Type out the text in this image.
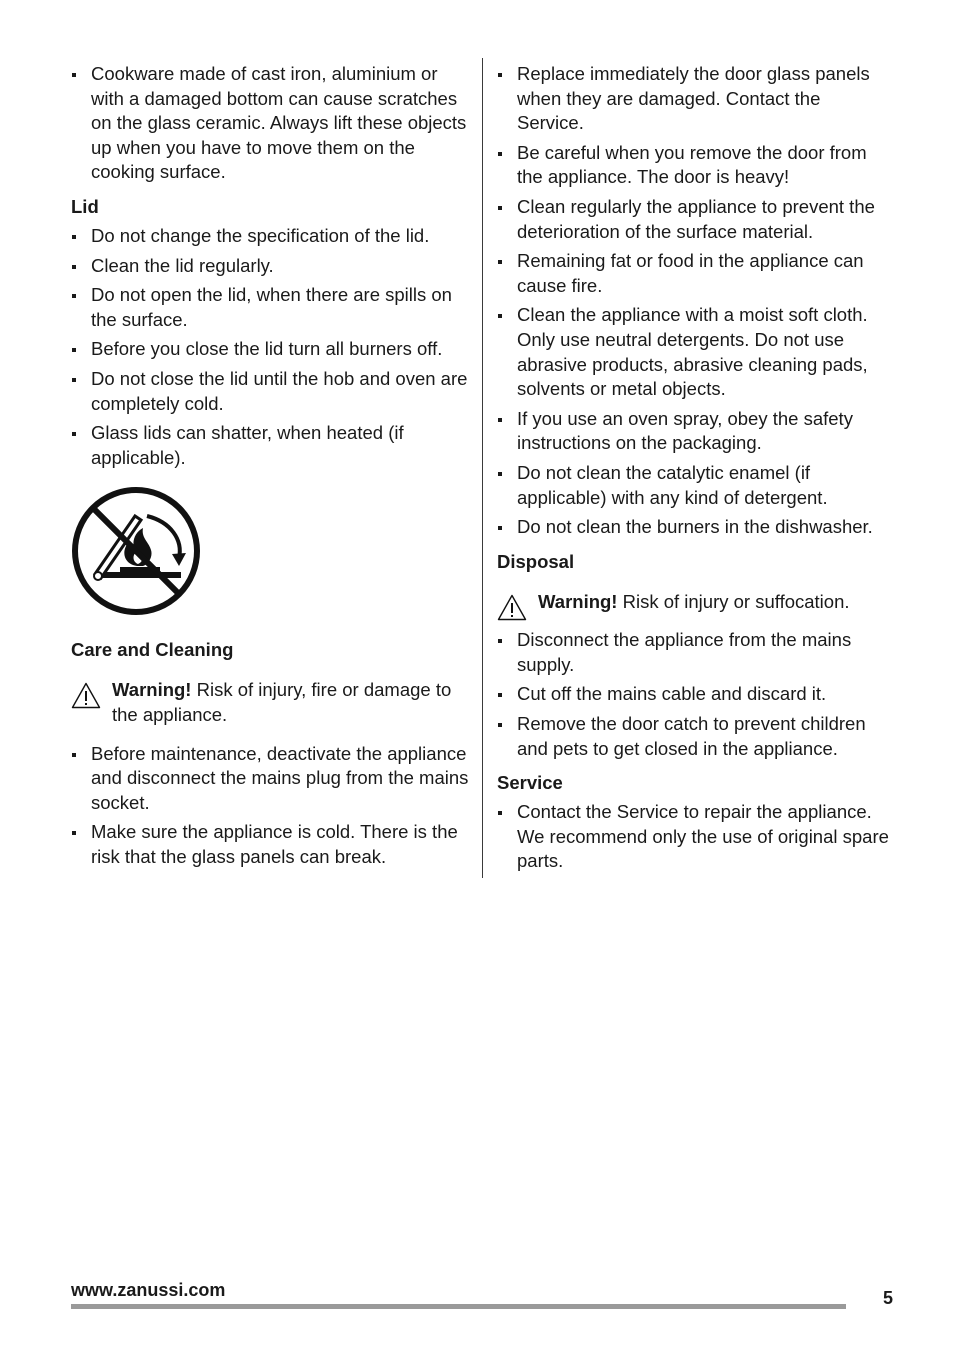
Cookware made of cast iron, aluminium or with a damaged bottom can cause scratches on the glass ceramic. Always lift these objects up when you have to move them on the cooking surface.
Lid
Do not change the specification of the lid.
Clean the lid regularly.
Do not open the lid, when there are spills on the surface.
Before you close the lid turn all burners off.
Do not close the lid until the hob and oven are completely cold.
Glass lids can shatter, when heated (if applicable).
Care and Cleaning
Warning! Risk of injury, fire or damage to the appliance.
Before maintenance, deactivate the appliance and disconnect the mains plug from the mains socket.
Make sure the appliance is cold. There is the risk that the glass panels can break.
Replace immediately the door glass panels when they are damaged. Contact the Service.
Be careful when you remove the door from the appliance. The door is heavy!
Clean regularly the appliance to prevent the deterioration of the surface material.
Remaining fat or food in the appliance can cause fire.
Clean the appliance with a moist soft cloth. Only use neutral detergents. Do not use abrasive products, abrasive cleaning pads, solvents or metal objects.
If you use an oven spray, obey the safety instructions on the packaging.
Do not clean the catalytic enamel (if applicable) with any kind of detergent.
Do not clean the burners in the dishwasher.
Disposal
Warning! Risk of injury or suffocation.
Disconnect the appliance from the mains supply.
Cut off the mains cable and discard it.
Remove the door catch to prevent children and pets to get closed in the appliance.
Service
Contact the Service to repair the appliance. We recommend only the use of original spare parts.
www.zanussi.com	5
